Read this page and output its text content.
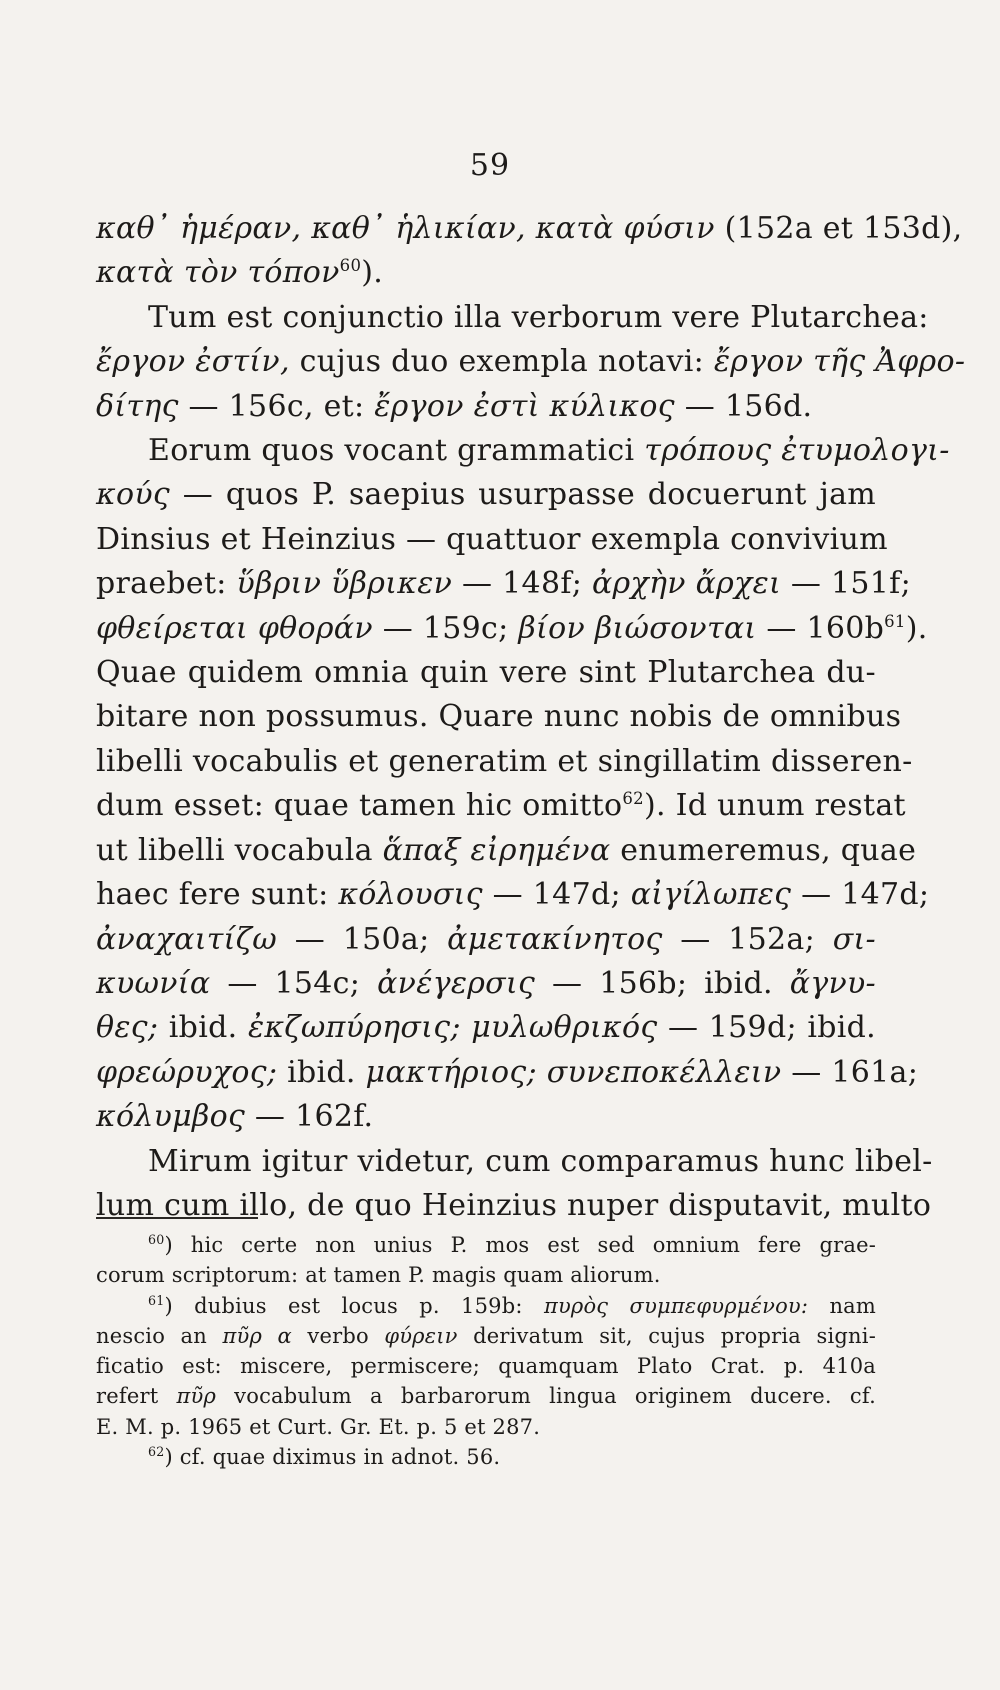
59
καθ᾽ ἡμέραν, καθ᾽ ἡλικίαν, κατὰ φύσιν (152a et 153d),
κατὰ τὸν τόπον$^{60}$).
Tum est conjunctio illa verborum vere Plutarchea:
ἔργον ἐστίν, cujus duo exempla notavi: ἔργον τῆς Ἀφρο-
δίτης — 156c, et: ἔργον ἐστὶ κύλικος — 156d.
Eorum quos vocant grammatici τρόπους ἐτυμολογι-
κούς — quos P. saepius usurpasse docuerunt jam
Dinsius et Heinzius — quattuor exempla convivium
praebet: ὕβριν ὕβρικεν — 148f; ἀρχὴν ἄρχει — 151f;
φθείρεται φθοράν — 159c; βίον βιώσονται — $160b^{61}$).
Quae quidem omnia quin vere sint Plutarchea du-
bitare non possumus. Quare nunc nobis de omnibus
libelli vocabulis et generatim et singillatim disseren-
dum esset: quae tamen hic omitto$^{62}$). Id unum restat
ut libelli vocabula ἅπαξ εἰρημένα enumeremus, quae
haec fere sunt: κόλουσις — 147d; αἰγίλωπες — 147d;
ἀναχαιτίζω — 150a; ἀμετακίνητος — 152a; σι-
κυωνία — 154c; ἀνέγερσις — 156b; ibid. ἄγνυ-
θες; ibid. ἐκζωπύρησις; μυλωθρικός — 159d; ibid.
φρεώρυχος; ibid. μακτήριος; συνεποκέλλειν — 161a;
κόλυμβος — 162f.
Mirum igitur videtur, cum comparamus hunc libel-
lum cum illo, de quo Heinzius nuper disputavit, multo
$^{60}$) hic certe non unius P. mos est sed omnium fere grae-
corum scriptorum: at tamen P. magis quam aliorum.
$^{61}$) dubius est locus p. 159b: πυρὸς συμπεφυρμένου: nam
nescio an πῦρ α verbo φύρειν derivatum sit, cujus propria signi-
ficatio est: miscere, permiscere; quamquam Plato Crat. p. 410a
refert πῦρ vocabulum a barbarorum lingua originem ducere. cf.
E. M. p. 1965 et Curt. Gr. Et. p. 5 et 287.
$^{62}$) cf. quae diximus in adnot. 56.
